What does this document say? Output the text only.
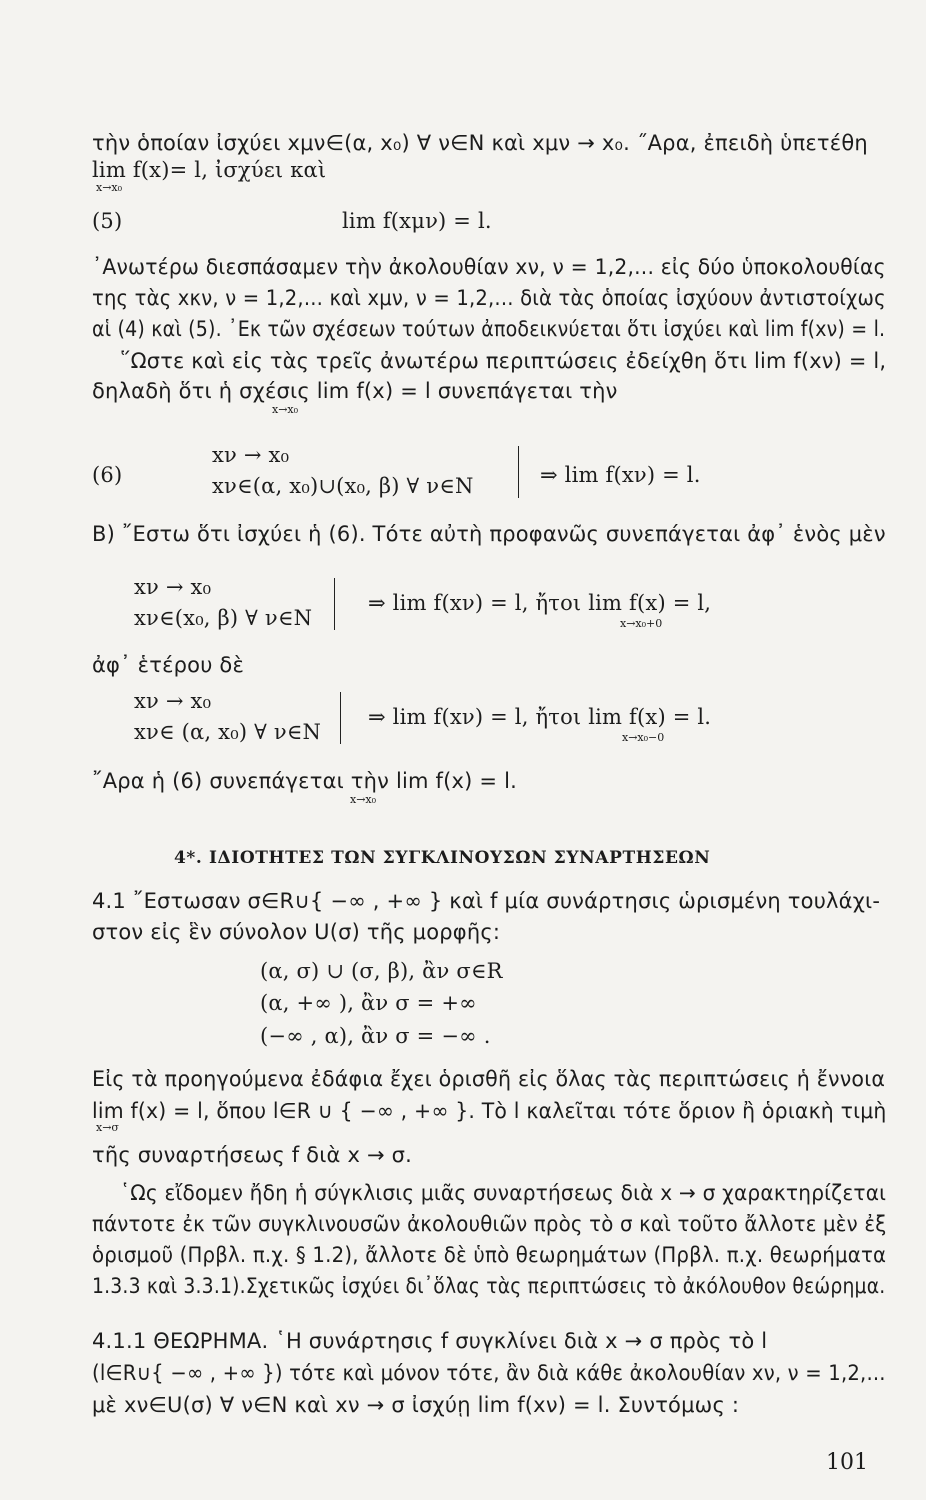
τὴν ὁποίαν ἰσχύει xμν∈(α, x₀) ∀ ν∈N καὶ xμν → x₀. ˝Αρα, ἐπειδὴ ὑπετέθη
lim f(x)= l, ἰσχύει καὶ
x→x₀
(5)	lim f(xμν) = l.
᾿Ανωτέρω διεσπάσαμεν τὴν ἀκολουθίαν xν, ν = 1,2,... εἰς δύο ὑποκολουθίας
της τὰς xκν, ν = 1,2,... καὶ xμν, ν = 1,2,... διὰ τὰς ὁποίας ἰσχύουν ἀντιστοίχως
αἱ (4) καὶ (5). ᾿Εκ τῶν σχέσεων τούτων ἀποδεικνύεται ὅτι ἰσχύει καὶ lim f(xν) = l.
῞Ωστε καὶ εἰς τὰς τρεῖς ἀνωτέρω περιπτώσεις ἐδείχθη ὅτι lim f(xν) = l,
δηλαδὴ ὅτι ἡ σχέσις lim f(x) = l συνεπάγεται τὴν
x→x₀
(6)
xν → x₀
xν∈(α, x₀)∪(x₀, β) ∀ ν∈N	⇒ lim f(xν) = l.
B) ῎Εστω ὅτι ἰσχύει ἡ (6). Τότε αὐτὴ προφανῶς συνεπάγεται ἀφ᾿ ἑνὸς μὲν
xν → x₀
xν∈(x₀, β) ∀ ν∈N
⇒ lim f(xν) = l, ἤτοι lim f(x) = l,
x→x₀+0
ἀφ᾿ ἑτέρου δὲ
xν → x₀
xν∈ (α, x₀) ∀ ν∈N
⇒ lim f(xν) = l, ἤτοι lim f(x) = l.
x→x₀−0
῎Αρα ἡ (6) συνεπάγεται τὴν lim f(x) = l.
x→x₀
4*. ΙΔΙΟΤΗΤΕΣ ΤΩΝ ΣΥΓΚΛΙΝΟΥΣΩΝ ΣΥΝΑΡΤΗΣΕΩΝ
4.1 ῎Εστωσαν σ∈R∪{ −∞ , +∞ } καὶ f μία συνάρτησις ὡρισμένη τουλάχι-
στον εἰς ἓν σύνολον U(σ) τῆς μορφῆς:
(α, σ) ∪ (σ, β), ἂν σ∈R
(α, +∞ ), ἂν σ = +∞
(−∞ , α), ἂν σ = −∞ .
Εἰς τὰ προηγούμενα ἐδάφια ἔχει ὁρισθῆ εἰς ὅλας τὰς περιπτώσεις ἡ ἔννοια
lim f(x) = l, ὅπου l∈R ∪ { −∞ , +∞ }. Τὸ l καλεῖται τότε ὅριον ἢ ὁριακὴ τιμὴ
x→σ
τῆς συναρτήσεως f διὰ x → σ.
῾Ως εἴδομεν ἤδη ἡ σύγκλισις μιᾶς συναρτήσεως διὰ x → σ χαρακτηρίζεται
πάντοτε ἐκ τῶν συγκλινουσῶν ἀκολουθιῶν πρὸς τὸ σ καὶ τοῦτο ἄλλοτε μὲν ἐξ
ὁρισμοῦ (Πρβλ. π.χ. § 1.2), ἄλλοτε δὲ ὑπὸ θεωρημάτων (Πρβλ. π.χ. θεωρήματα
1.3.3 καὶ 3.3.1).Σχετικῶς ἰσχύει δι᾿ὅλας τὰς περιπτώσεις τὸ ἀκόλουθον θεώρημα.
4.1.1 ΘΕΩΡΗΜΑ. ῾Η συνάρτησις f συγκλίνει διὰ x → σ πρὸς τὸ l
(l∈R∪{ −∞ , +∞ }) τότε καὶ μόνον τότε, ἂν διὰ κάθε ἀκολουθίαν xν, ν = 1,2,...
μὲ xν∈U(σ) ∀ ν∈N καὶ xν → σ ἰσχύῃ lim f(xν) = l. Συντόμως :
101
